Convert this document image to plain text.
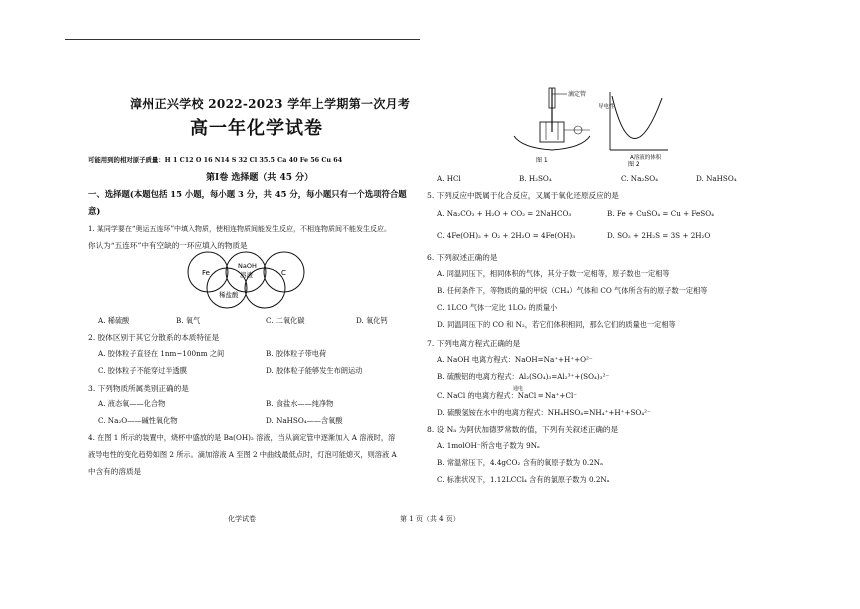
漳州正兴学校 2022-2023 学年上学期第一次月考
高一年化学试卷
可能用到的相对原子质量：H 1 C12 O 16 N14 S 32 Cl 35.5 Ca 40 Fe 56 Cu 64
第Ⅰ卷 选择题（共 45 分）
一、选择题(本题包括 15 小题，每小题 3 分，共 45 分，每小题只有一个选项符合题
意)
1. 某同学要在“奥运五连环”中填入物质，使相连物质间能发生反应，不相连物质间不能发生反应。
你认为“五连环”中有空缺的一环应填入的物质是
Fe
NaOH
溶液	C
稀盐酸
A. 稀硫酸	B. 氧气	C. 二氧化碳	D. 氧化钙
2. 胶体区别于其它分散系的本质特征是
A. 胶体粒子直径在 1nm~100nm 之间	B. 胶体粒子带电荷
C. 胶体粒子不能穿过半透膜	D. 胶体粒子能够发生布朗运动
3. 下列物质所属类别正确的是
A. 液态氧——化合物	B. 食盐水——纯净物
C. Na₂O——碱性氧化物	D. NaHSO₄——含氧酸
4. 在图 1 所示的装置中，烧杯中盛放的是 Ba(OH)₂ 溶液，当从滴定管中逐渐加入 A 溶液时，溶
液导电性的变化趋势如图 2 所示。滴加溶液 A 至图 2 中曲线最低点时，灯泡可能熄灭，则溶液 A
中含有的溶质是
化学试卷	第 1 页（共 4 页）
滴定管
图 1
导电性
A溶液的体积
图 2
A. HCl	B. H₂SO₄	C. Na₂SO₄	D. NaHSO₄
5. 下列反应中既属于化合反应，又属于氧化还原反应的是
A. Na₂CO₃ + H₂O + CO₂ = 2NaHCO₃	B. Fe + CuSO₄ = Cu + FeSO₄
C. 4Fe(OH)₂ + O₂ + 2H₂O = 4Fe(OH)₃	D. SO₂ + 2H₂S = 3S + 2H₂O
6. 下列叙述正确的是
A. 同温同压下，相同体积的气体，其分子数一定相等，原子数也一定相等
B. 任何条件下，等物质的量的甲烷（CH₄）气体和 CO 气体所含有的原子数一定相等
C. 1LCO 气体一定比 1LO₂ 的质量小
D. 同温同压下的 CO 和 N₂，若它们体积相同，那么它们的质量也一定相等
7. 下列电离方程式正确的是
A. NaOH 电离方程式：NaOH=Na⁺+H⁺+O²⁻
B. 硫酸铝的电离方程式：Al₂(SO₄)₃=Al₂³⁺+(SO₄)₃²⁻
C. NaCl 的电离方程式：NaCl ═ Na⁺+Cl⁻
通电
D. 硫酸氢铵在水中的电离方程式：NH₄HSO₄=NH₄⁺+H⁺+SO₄²⁻
8. 设 Nₐ 为阿伏加德罗常数的值，下列有关叙述正确的是
A. 1molOH⁻所含电子数为 9Nₐ
B. 常温常压下，4.4gCO₂ 含有的氧原子数为 0.2Nₐ
C. 标准状况下，1.12LCCl₄ 含有的氯原子数为 0.2Nₐ
